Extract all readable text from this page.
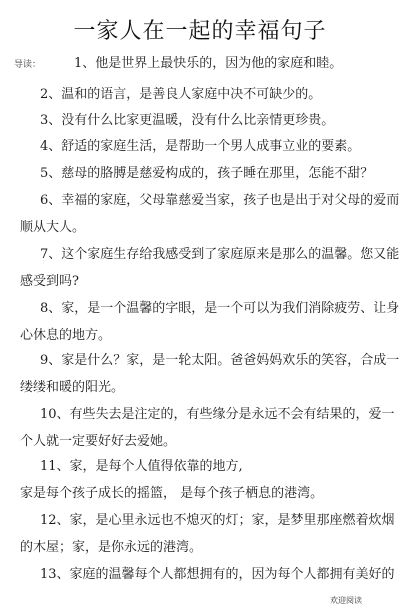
一家人在一起的幸福句子
导读：	1、他是世界上最快乐的，因为他的家庭和睦。
2、温和的语言，是善良人家庭中决不可缺少的。
3、没有什么比家更温暖，没有什么比亲情更珍贵。
4、舒适的家庭生活，是帮助一个男人成事立业的要素。
5、慈母的胳膊是慈爱构成的，孩子睡在那里，怎能不甜？
6、幸福的家庭，父母靠慈爱当家，孩子也是出于对父母的爱而
顺从大人。
7、这个家庭生存给我感受到了家庭原来是那么的温馨。您又能
感受到吗?
8、家，是一个温馨的字眼，是一个可以为我们消除疲劳、让身
心休息的地方。
9、家是什么？家，是一轮太阳。爸爸妈妈欢乐的笑容，合成一
缕缕和暖的阳光。
10、有些失去是注定的，有些缘分是永远不会有结果的，爱一
个人就一定要好好去爱她。
11、家，是每个人值得依靠的地方,
家是每个孩子成长的摇篮， 是每个孩子栖息的港湾。
12、家，是心里永远也不熄灭的灯；家，是梦里那座燃着炊烟
的木屋；家，是你永远的港湾。
13、家庭的温馨每个人都想拥有的，因为每个人都拥有美好的
欢迎阅读
